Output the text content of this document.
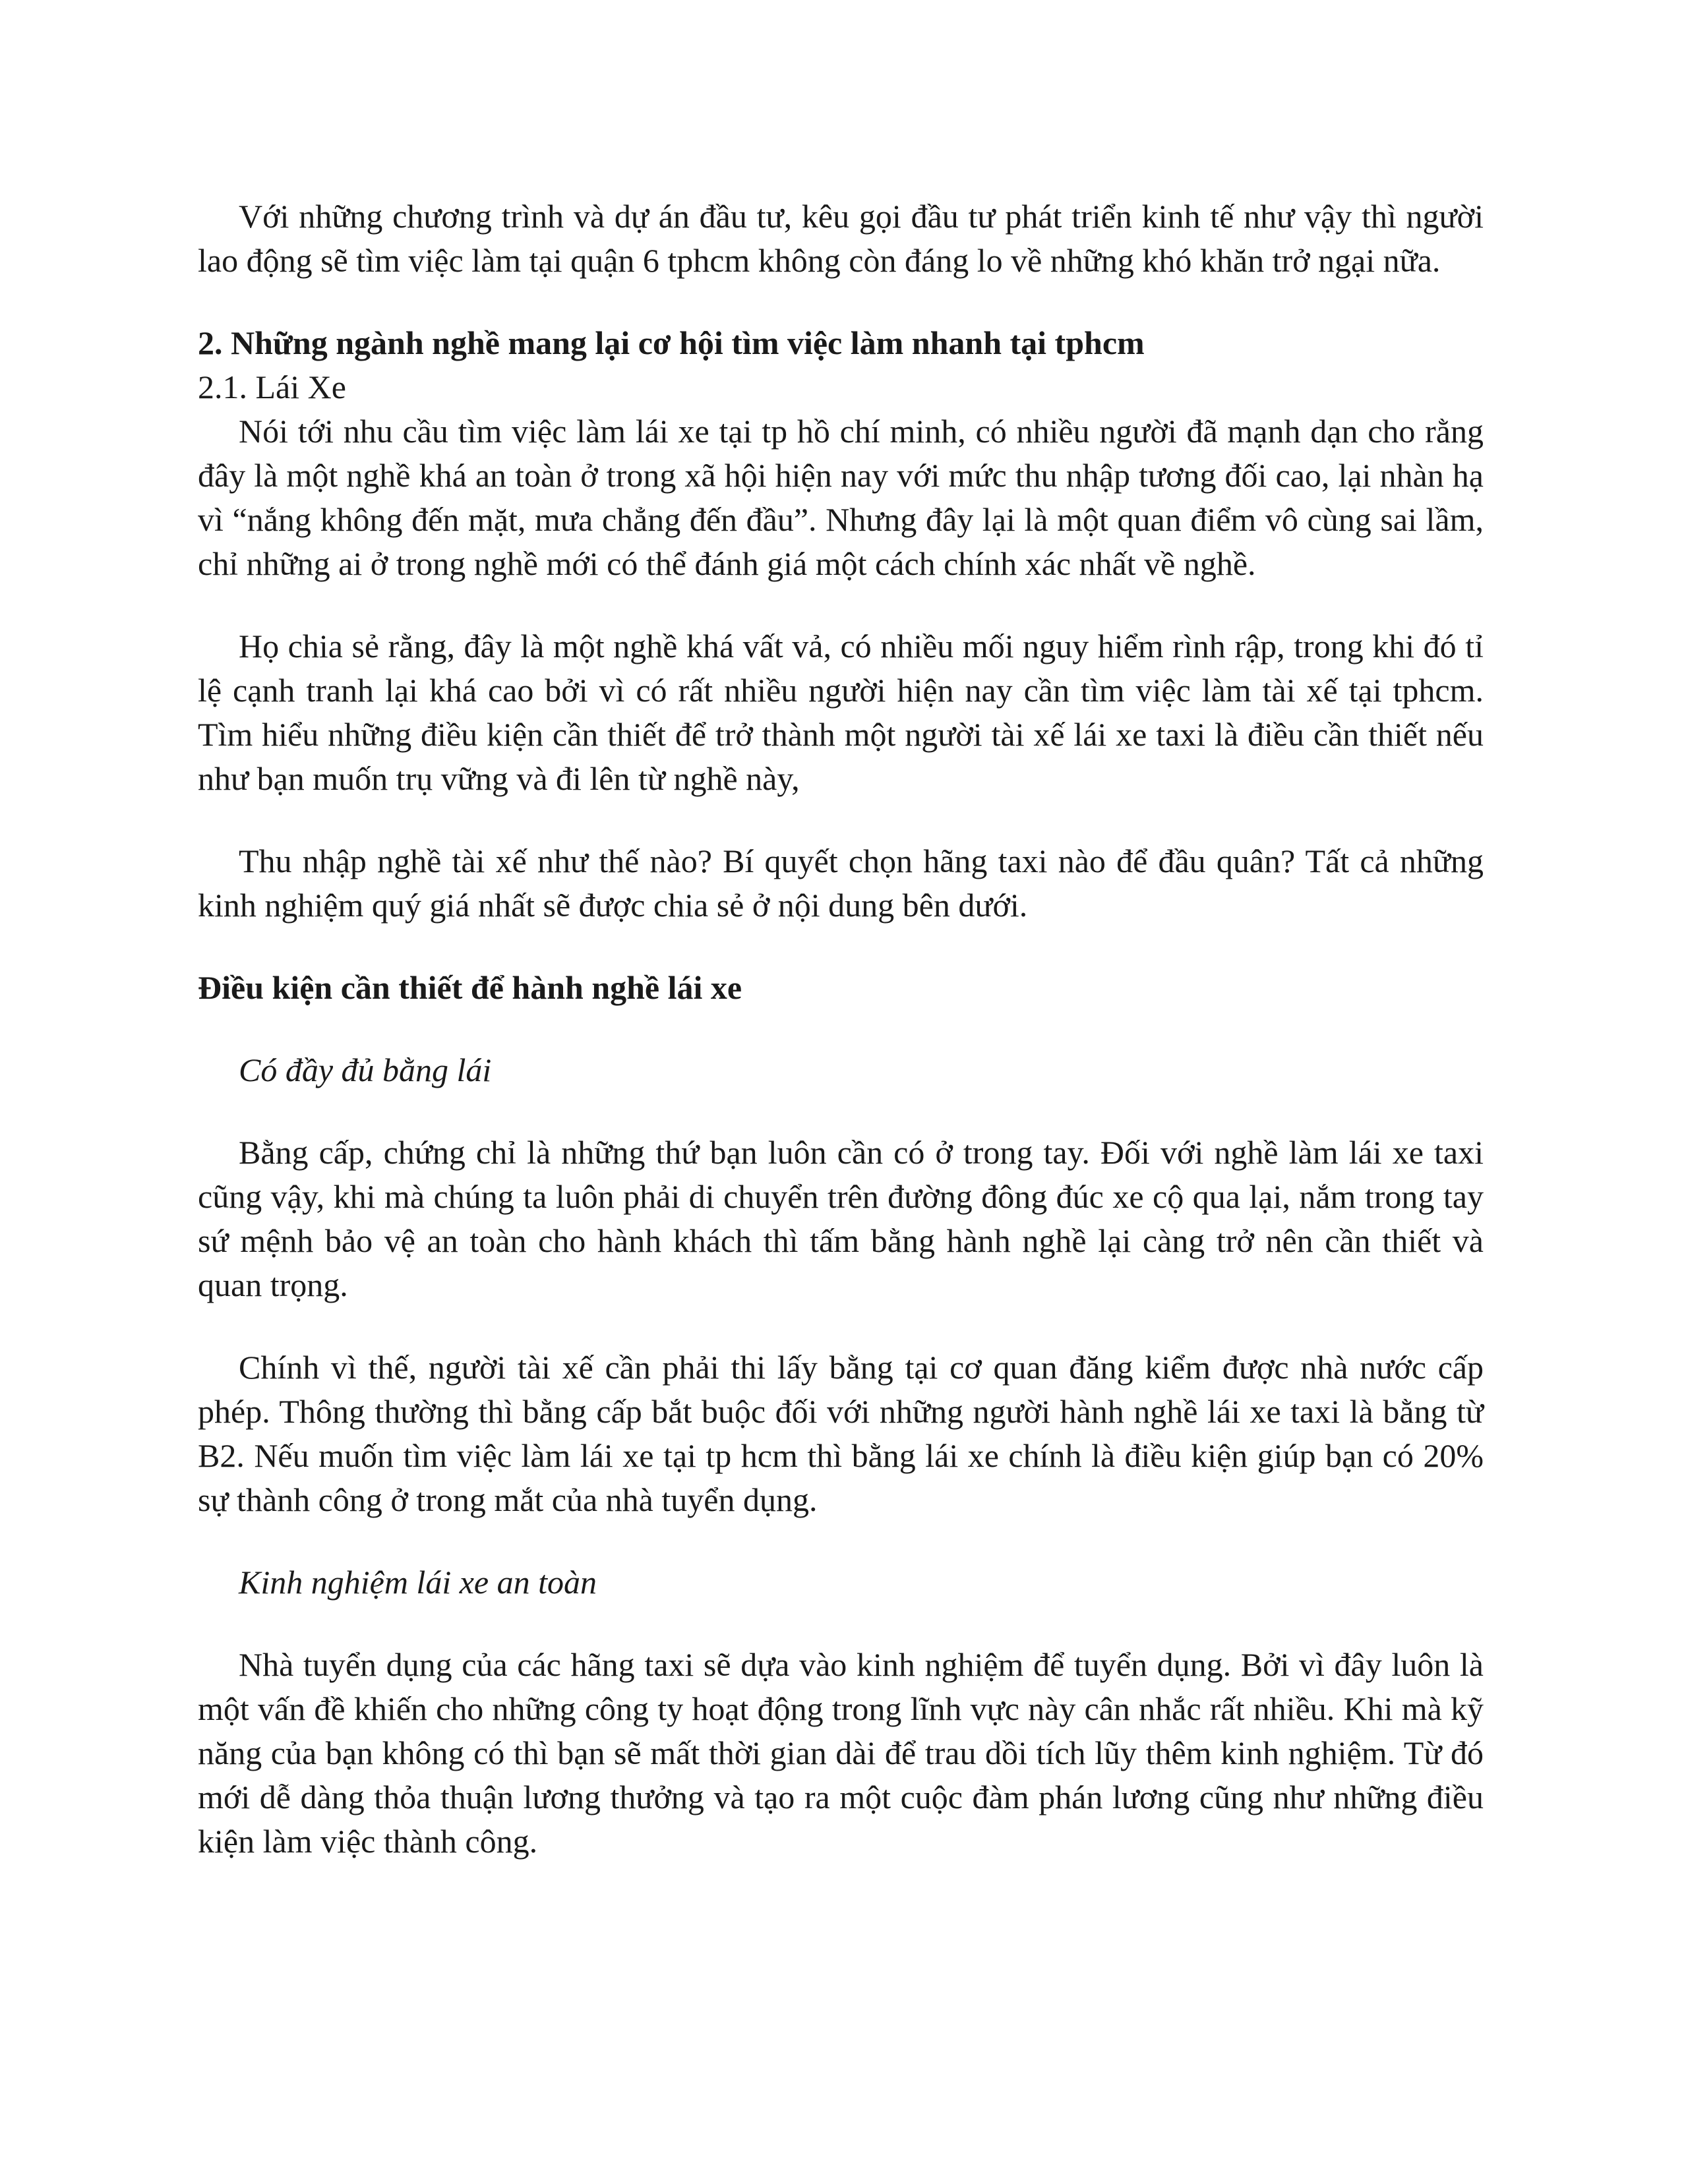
Với những chương trình và dự án đầu tư, kêu gọi đầu tư phát triển kinh tế như vậy thì người lao động sẽ tìm việc làm tại quận 6 tphcm không còn đáng lo về những khó khăn trở ngại nữa.

2. Những ngành nghề mang lại cơ hội tìm việc làm nhanh tại tphcm

2.1. Lái Xe

Nói tới nhu cầu tìm việc làm lái xe tại tp hồ chí minh, có nhiều người đã mạnh dạn cho rằng đây là một nghề khá an toàn ở trong xã hội hiện nay với mức thu nhập tương đối cao, lại nhàn hạ vì “nắng không đến mặt, mưa chẳng đến đầu”. Nhưng đây lại là một quan điểm vô cùng sai lầm, chỉ những ai ở trong nghề mới có thể đánh giá một cách chính xác nhất về nghề.

Họ chia sẻ rằng, đây là một nghề khá vất vả, có nhiều mối nguy hiểm rình rập, trong khi đó tỉ lệ cạnh tranh lại khá cao bởi vì có rất nhiều người hiện nay cần tìm việc làm tài xế tại tphcm. Tìm hiểu những điều kiện cần thiết để trở thành một người tài xế lái xe taxi là điều cần thiết nếu như bạn muốn trụ vững và đi lên từ nghề này,

Thu nhập nghề tài xế như thế nào? Bí quyết chọn hãng taxi nào để đầu quân? Tất cả những kinh nghiệm quý giá nhất sẽ được chia sẻ ở nội dung bên dưới.

Điều kiện cần thiết để hành nghề lái xe

Có đầy đủ bằng lái

Bằng cấp, chứng chỉ là những thứ bạn luôn cần có ở trong tay. Đối với nghề làm lái xe taxi cũng vậy, khi mà chúng ta luôn phải di chuyển trên đường đông đúc xe cộ qua lại, nắm trong tay sứ mệnh bảo vệ an toàn cho hành khách thì tấm bằng hành nghề lại càng trở nên cần thiết và quan trọng.

Chính vì thế, người tài xế cần phải thi lấy bằng tại cơ quan đăng kiểm được nhà nước cấp phép. Thông thường thì bằng cấp bắt buộc đối với những người hành nghề lái xe taxi là bằng từ B2. Nếu muốn tìm việc làm lái xe tại tp hcm thì bằng lái xe chính là điều kiện giúp bạn có 20% sự thành công ở trong mắt của nhà tuyển dụng.

Kinh nghiệm lái xe an toàn

Nhà tuyển dụng của các hãng taxi sẽ dựa vào kinh nghiệm để tuyển dụng. Bởi vì đây luôn là một vấn đề khiến cho những công ty hoạt động trong lĩnh vực này cân nhắc rất nhiều. Khi mà kỹ năng của bạn không có thì bạn sẽ mất thời gian dài để trau dồi tích lũy thêm kinh nghiệm. Từ đó mới dễ dàng thỏa thuận lương thưởng và tạo ra một cuộc đàm phán lương cũng như những điều kiện làm việc thành công.
